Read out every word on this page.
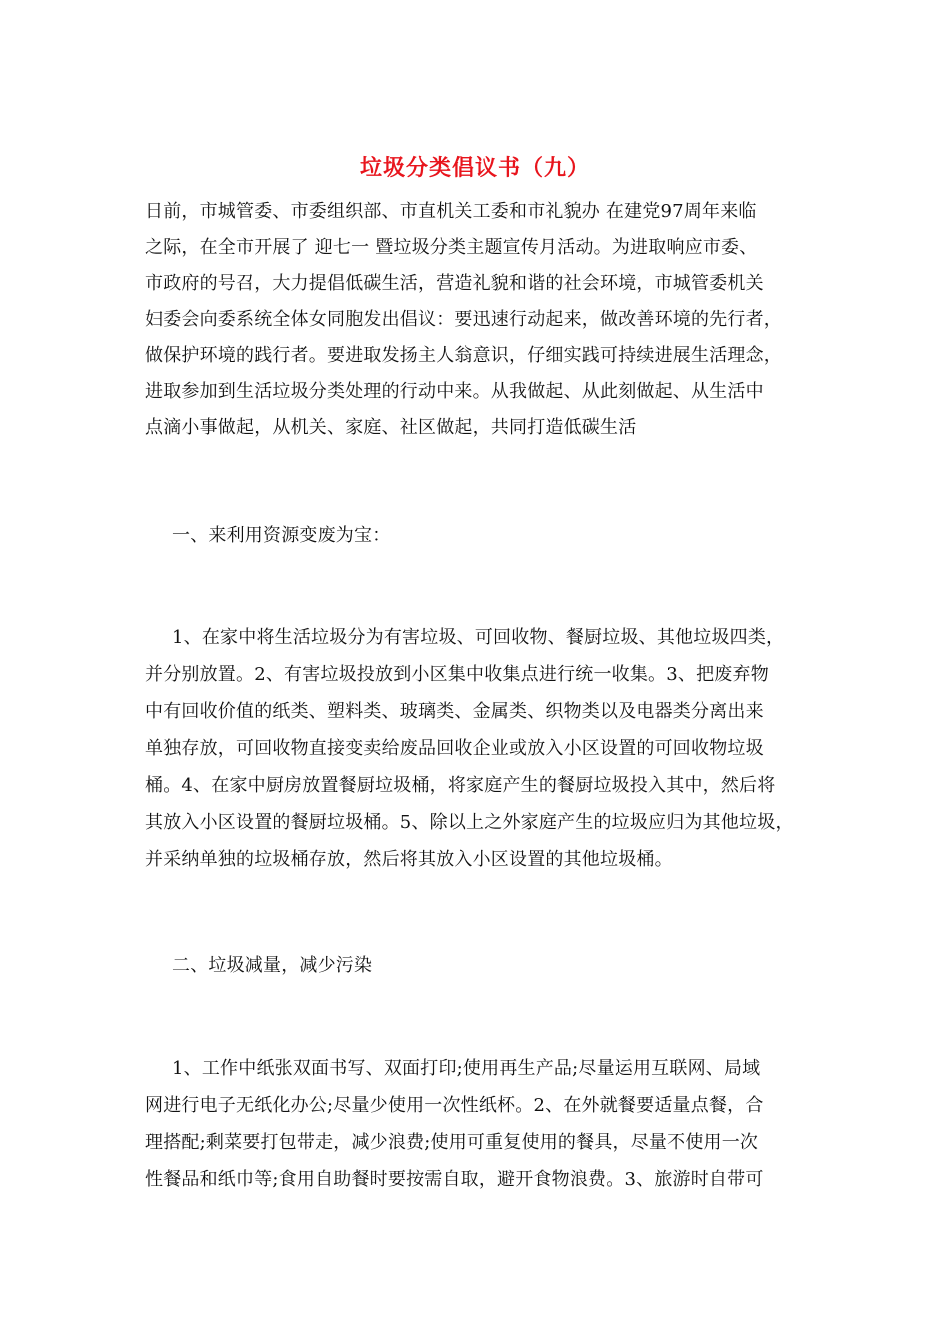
垃圾分类倡议书（九）
日前，市城管委、市委组织部、市直机关工委和市礼貌办 在建党97周年来临
之际，在全市开展了 迎七一 暨垃圾分类主题宣传月活动。为进取响应市委、
市政府的号召，大力提倡低碳生活，营造礼貌和谐的社会环境，市城管委机关
妇委会向委系统全体女同胞发出倡议：要迅速行动起来，做改善环境的先行者，
做保护环境的践行者。要进取发扬主人翁意识，仔细实践可持续进展生活理念，
进取参加到生活垃圾分类处理的行动中来。从我做起、从此刻做起、从生活中
点滴小事做起，从机关、家庭、社区做起，共同打造低碳生活
一、来利用资源变废为宝：
1、在家中将生活垃圾分为有害垃圾、可回收物、餐厨垃圾、其他垃圾四类，
并分别放置。2、有害垃圾投放到小区集中收集点进行统一收集。3、把废弃物
中有回收价值的纸类、塑料类、玻璃类、金属类、织物类以及电器类分离出来
单独存放，可回收物直接变卖给废品回收企业或放入小区设置的可回收物垃圾
桶。4、在家中厨房放置餐厨垃圾桶，将家庭产生的餐厨垃圾投入其中，然后将
其放入小区设置的餐厨垃圾桶。5、除以上之外家庭产生的垃圾应归为其他垃圾，
并采纳单独的垃圾桶存放，然后将其放入小区设置的其他垃圾桶。
二、垃圾减量，减少污染
1、工作中纸张双面书写、双面打印;使用再生产品;尽量运用互联网、局域
网进行电子无纸化办公;尽量少使用一次性纸杯。2、在外就餐要适量点餐，合
理搭配;剩菜要打包带走，减少浪费;使用可重复使用的餐具，尽量不使用一次
性餐品和纸巾等;食用自助餐时要按需自取，避开食物浪费。3、旅游时自带可
